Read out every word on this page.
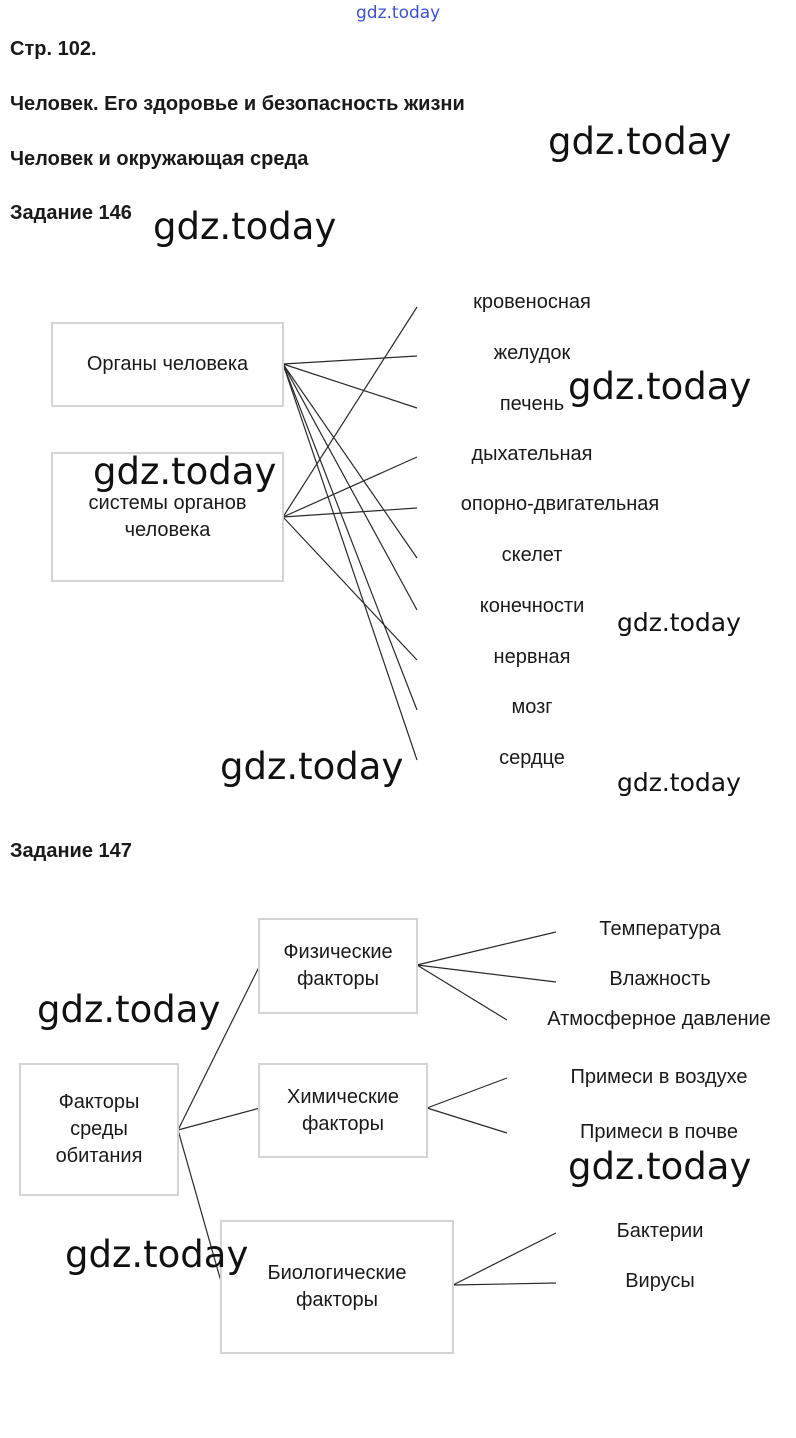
Стр. 102.
Человек. Его здоровье и безопасность жизни
Человек и окружающая среда
Задание 146
Задание 147
Органы человека
системы органов человека
кровеносная
желудок
печень
дыхательная
опорно-двигательная
скелет
конечности
нервная
мозг
сердце
Факторы среды обитания
Физические факторы
Химические факторы
Биологические факторы
Температура
Влажность
Атмосферное давление
Примеси в воздухе
Примеси в почве
Бактерии
Вирусы
gdz.today
gdz.today
gdz.today
gdz.today
gdz.today
gdz.today
gdz.today	gdz.today
gdz.today
gdz.today
gdz.today
